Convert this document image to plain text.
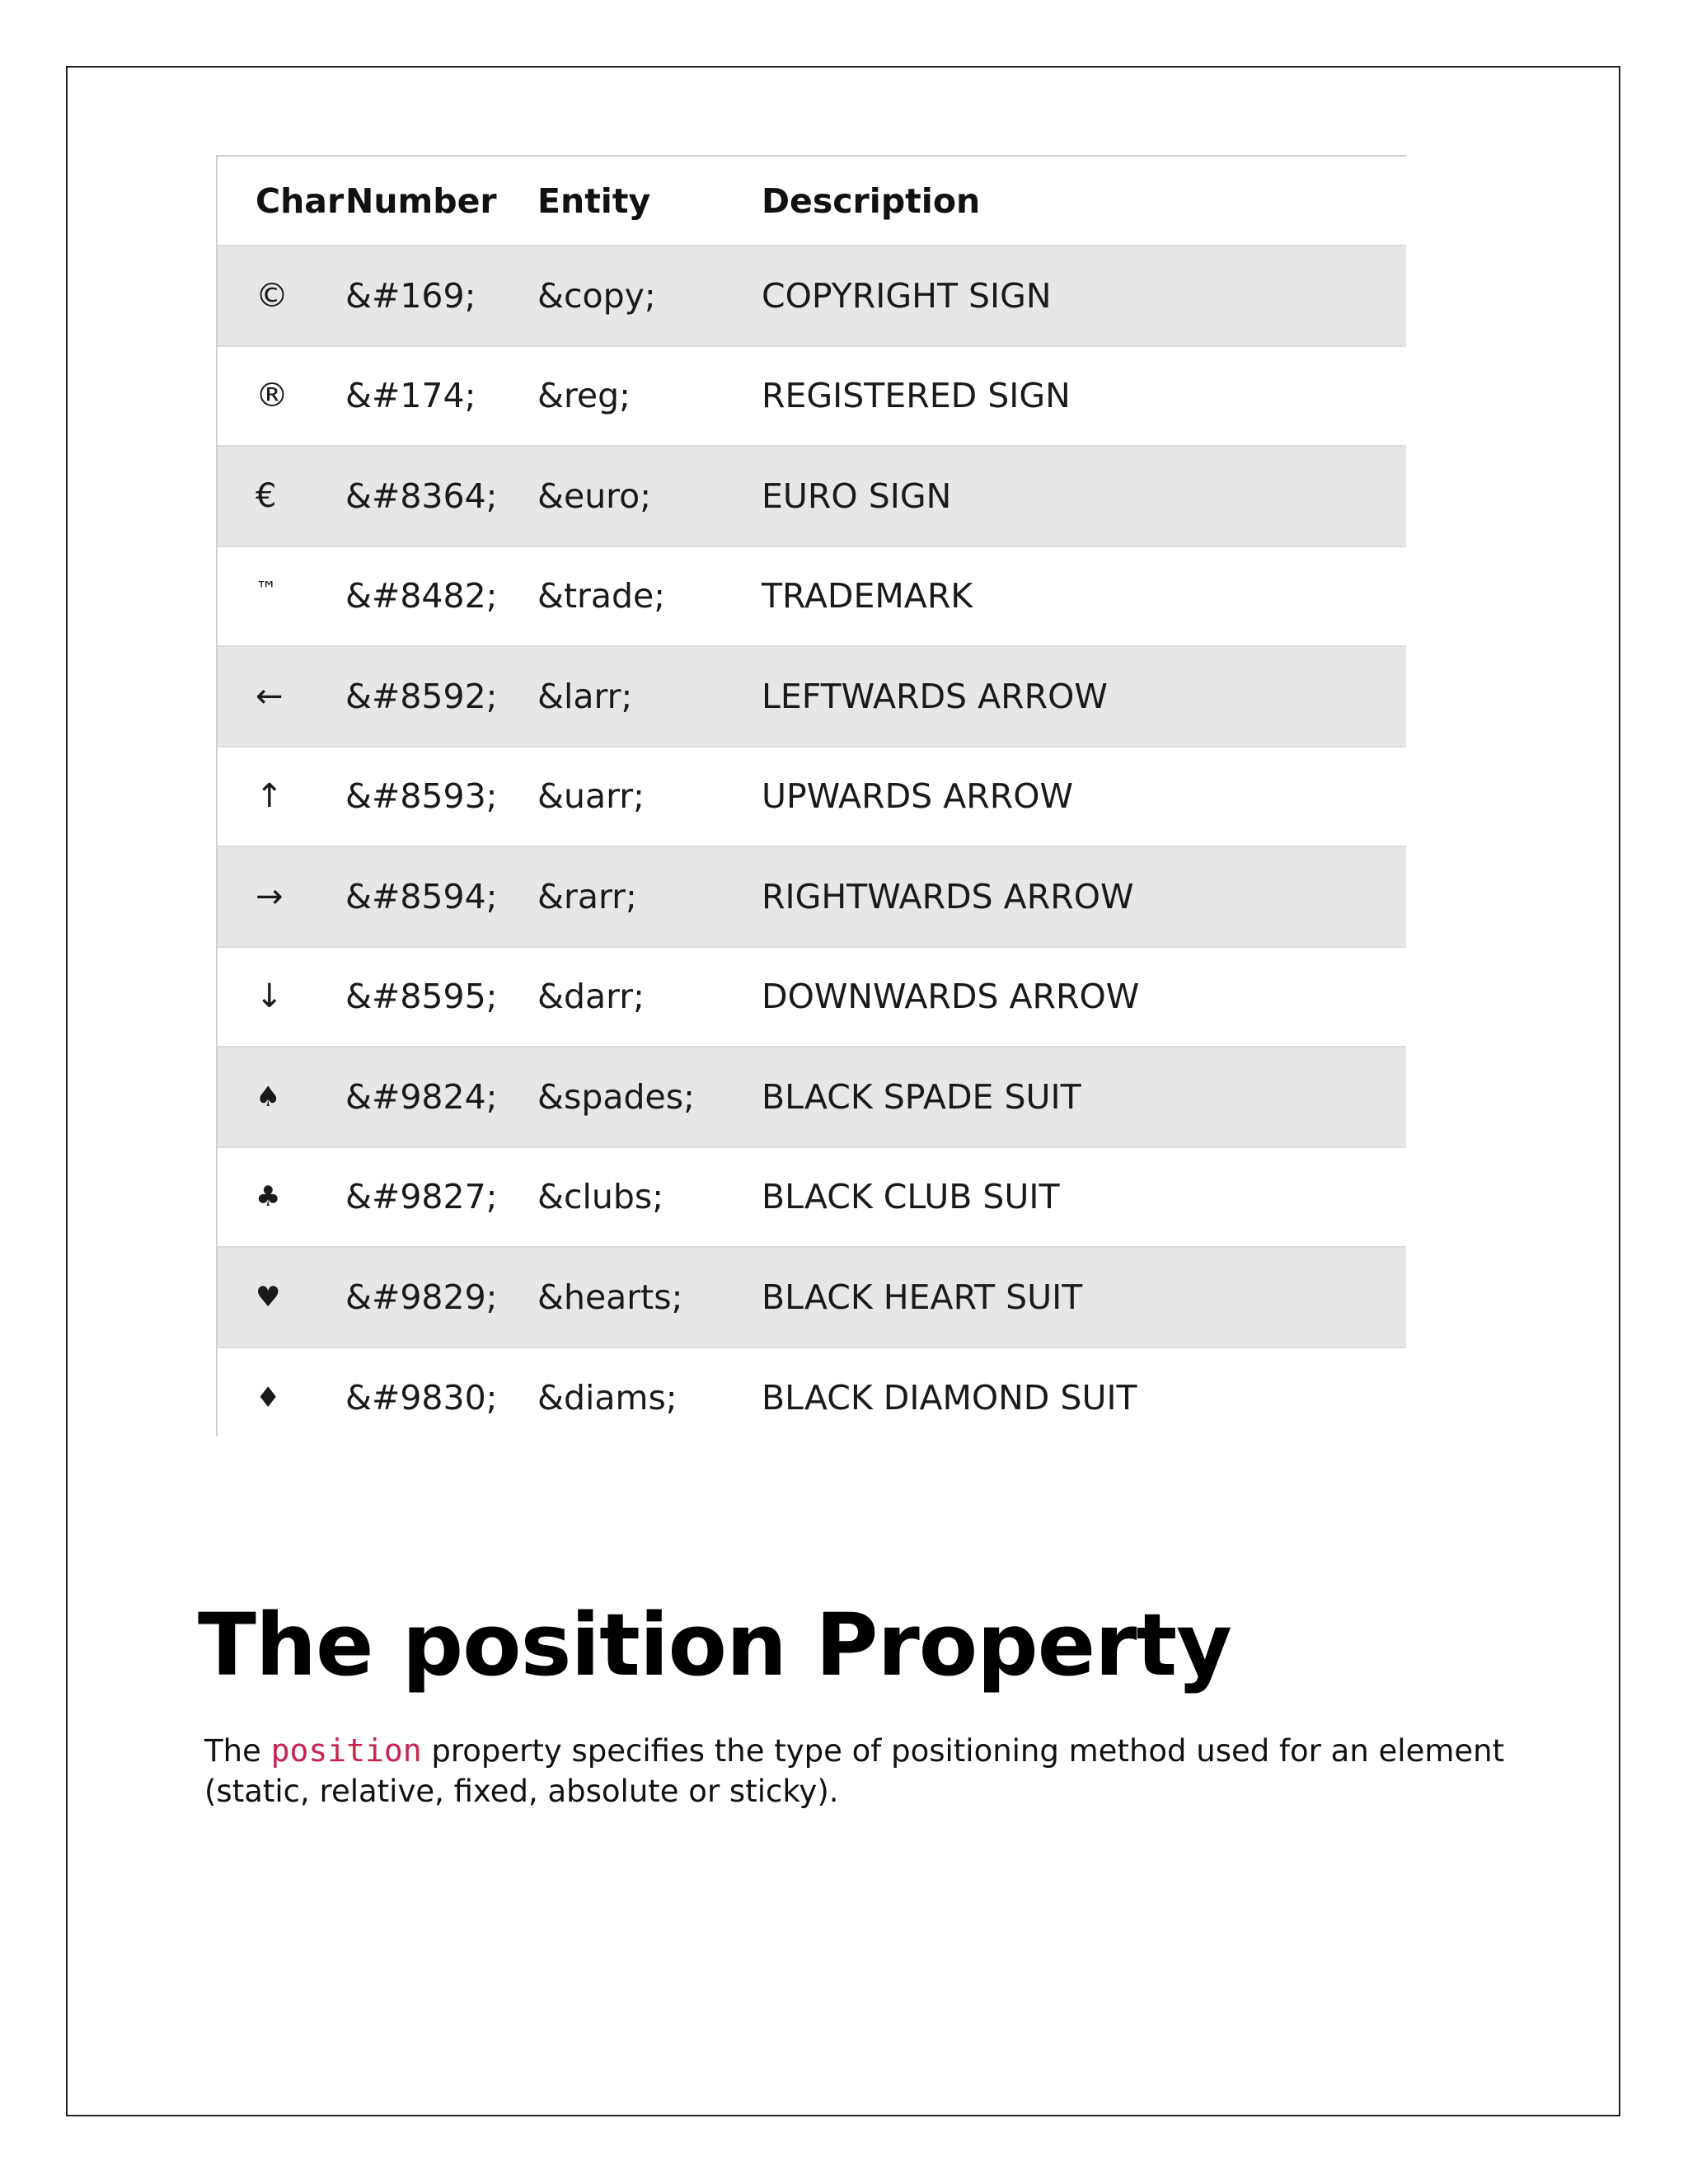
Char	Number	Entity	Description
©	&#169;	&copy;	COPYRIGHT SIGN
®	&#174;	&reg;	REGISTERED SIGN
€	&#8364;	&euro;	EURO SIGN
™	&#8482;	&trade;	TRADEMARK
←	&#8592;	&larr;	LEFTWARDS ARROW
↑	&#8593;	&uarr;	UPWARDS ARROW
→	&#8594;	&rarr;	RIGHTWARDS ARROW
↓	&#8595;	&darr;	DOWNWARDS ARROW
♠	&#9824;	&spades;	BLACK SPADE SUIT
♣	&#9827;	&clubs;	BLACK CLUB SUIT
♥	&#9829;	&hearts;	BLACK HEART SUIT
♦	&#9830;	&diams;	BLACK DIAMOND SUIT
The position Property

The position property specifies the type of positioning method used for an element (static, relative, fixed, absolute or sticky).
